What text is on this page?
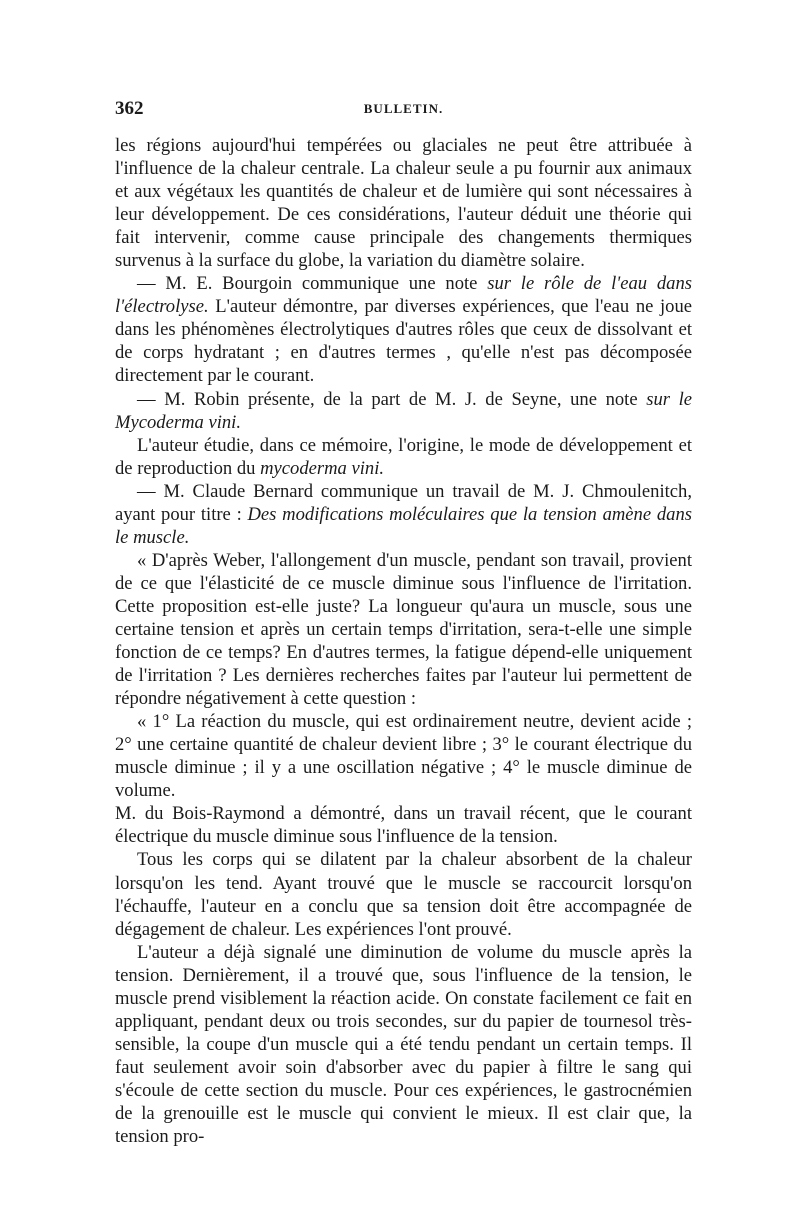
362	BULLETIN.

les régions aujourd'hui tempérées ou glaciales ne peut être attribuée à l'influence de la chaleur centrale. La chaleur seule a pu fournir aux animaux et aux végétaux les quantités de chaleur et de lumière qui sont nécessaires à leur développement. De ces considérations, l'auteur déduit une théorie qui fait intervenir, comme cause principale des changements thermiques survenus à la surface du globe, la variation du diamètre solaire.

— M. E. Bourgoin communique une note sur le rôle de l'eau dans l'électrolyse. L'auteur démontre, par diverses expériences, que l'eau ne joue dans les phénomènes électrolytiques d'autres rôles que ceux de dissolvant et de corps hydratant ; en d'autres termes , qu'elle n'est pas décomposée directement par le courant.

— M. Robin présente, de la part de M. J. de Seyne, une note sur le Mycoderma vini.

L'auteur étudie, dans ce mémoire, l'origine, le mode de développement et de reproduction du mycoderma vini.

— M. Claude Bernard communique un travail de M. J. Chmoulenitch, ayant pour titre : Des modifications moléculaires que la tension amène dans le muscle.

« D'après Weber, l'allongement d'un muscle, pendant son travail, provient de ce que l'élasticité de ce muscle diminue sous l'influence de l'irritation. Cette proposition est-elle juste? La longueur qu'aura un muscle, sous une certaine tension et après un certain temps d'irritation, sera-t-elle une simple fonction de ce temps? En d'autres termes, la fatigue dépend-elle uniquement de l'irritation ? Les dernières recherches faites par l'auteur lui permettent de répondre négativement à cette question :

« 1° La réaction du muscle, qui est ordinairement neutre, devient acide ; 2° une certaine quantité de chaleur devient libre ; 3° le courant électrique du muscle diminue ; il y a une oscillation négative ; 4° le muscle diminue de volume.

M. du Bois-Raymond a démontré, dans un travail récent, que le courant électrique du muscle diminue sous l'influence de la tension.

Tous les corps qui se dilatent par la chaleur absorbent de la chaleur lorsqu'on les tend. Ayant trouvé que le muscle se raccourcit lorsqu'on l'échauffe, l'auteur en a conclu que sa tension doit être accompagnée de dégagement de chaleur. Les expériences l'ont prouvé.

L'auteur a déjà signalé une diminution de volume du muscle après la tension. Dernièrement, il a trouvé que, sous l'influence de la tension, le muscle prend visiblement la réaction acide. On constate facilement ce fait en appliquant, pendant deux ou trois secondes, sur du papier de tournesol très-sensible, la coupe d'un muscle qui a été tendu pendant un certain temps. Il faut seulement avoir soin d'absorber avec du papier à filtre le sang qui s'écoule de cette section du muscle. Pour ces expériences, le gastrocnémien de la grenouille est le muscle qui convient le mieux. Il est clair que, la tension pro-
